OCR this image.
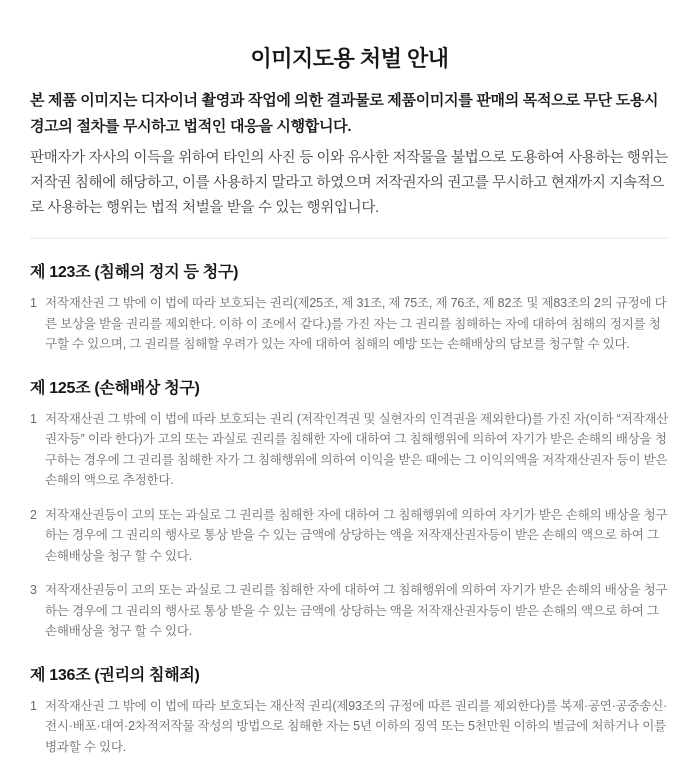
이미지도용 처벌 안내
본 제품 이미지는 디자이너 촬영과 작업에 의한 결과물로 제품이미지를 판매의 목적으로 무단 도용시 경고의 절차를 무시하고 법적인 대응을 시행합니다.
판매자가 자사의 이득을 위하여 타인의 사진 등 이와 유사한 저작물을 불법으로 도용하여 사용하는 행위는 저작권 침해에 해당하고, 이를 사용하지 말라고 하였으며 저작권자의 권고를 무시하고 현재까지 지속적으로 사용하는 행위는 법적 처벌을 받을 수 있는 행위입니다.
제 123조 (침해의 정지 등 청구)
1 저작재산권 그 밖에 이 법에 따라 보호되는 권리(제25조, 제 31조, 제 75조, 제 76조, 제 82조 및 제83조의 2의 규정에 다른 보상을 받을 권리를 제외한다. 이하 이 조에서 같다.)를 가진 자는 그 권리를 침해하는 자에 대하여 침해의 정지를 청구할 수 있으며, 그 권리를 침해할 우려가 있는 자에 대하여 침해의 예방 또는 손해배상의 담보를 청구할 수 있다.
제 125조 (손해배상 청구)
1 저작재산권 그 밖에 이 법에 따라 보호되는 권리 (저작인격권 및 실현자의 인격권을 제외한다)를 가진 자(이하 “저작재산권자등” 이라 한다)가 고의 또는 과실로 권리를 침해한 자에 대하여 그 침해행위에 의하여 자기가 받은 손해의 배상을 청구하는 경우에 그 권리를 침해한 자가 그 침해행위에 의하여 이익을 받은 때에는 그 이익의액을 저작재산권자 등이 받은 손해의 액으로 추정한다.
2 저작재산권등이 고의 또는 과실로 그 권리를 침해한 자에 대하여 그 침해행위에 의하여 자기가 받은 손해의 배상을 청구하는 경우에 그 권리의 행사로 통상 받을 수 있는 금액에 상당하는 액을 저작재산권자등이 받은 손해의 액으로 하여 그 손해배상을 청구 할 수 있다.
3 저작재산권등이 고의 또는 과실로 그 권리를 침해한 자에 대하여 그 침해행위에 의하여 자기가 받은 손해의 배상을 청구하는 경우에 그 권리의 행사로 통상 받을 수 있는 금액에 상당하는 액을 저작재산권자등이 받은 손해의 액으로 하여 그 손해배상을 청구 할 수 있다.
제 136조 (권리의 침해죄)
1 저작재산권 그 밖에 이 법에 따라 보호되는 재산적 권리(제93조의 규정에 따른 권리를 제외한다)를 복제·공연·공중송신·전시·배포·대여·2차적저작물 작성의 방법으로 침해한 자는 5년 이하의 징역 또는 5천만원 이하의 벌금에 처하거나 이를 병과할 수 있다.
